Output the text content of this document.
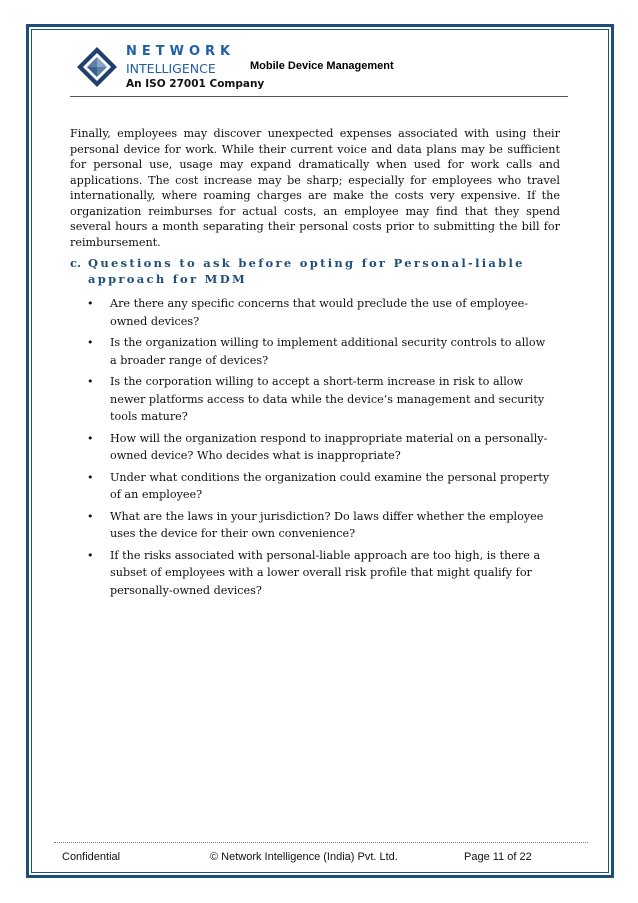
NETWORK
INTELLIGENCE
An ISO 27001 Company
Mobile Device Management

Finally, employees may discover unexpected expenses associated with using their personal device for work. While their current voice and data plans may be sufficient for personal use, usage may expand dramatically when used for work calls and applications. The cost increase may be sharp; especially for employees who travel internationally, where roaming charges are make the costs very expensive. If the organization reimburses for actual costs, an employee may find that they spend several hours a month separating their personal costs prior to submitting the bill for reimbursement.

c. Questions to ask before opting for Personal-liable approach for MDM
• Are there any specific concerns that would preclude the use of employee-owned devices?
• Is the organization willing to implement additional security controls to allow a broader range of devices?
• Is the corporation willing to accept a short-term increase in risk to allow newer platforms access to data while the device’s management and security tools mature?
• How will the organization respond to inappropriate material on a personally-owned device? Who decides what is inappropriate?
• Under what conditions the organization could examine the personal property of an employee?
• What are the laws in your jurisdiction? Do laws differ whether the employee uses the device for their own convenience?
• If the risks associated with personal-liable approach are too high, is there a subset of employees with a lower overall risk profile that might qualify for personally-owned devices?
Confidential	© Network Intelligence (India) Pvt. Ltd.	Page 11 of 22
